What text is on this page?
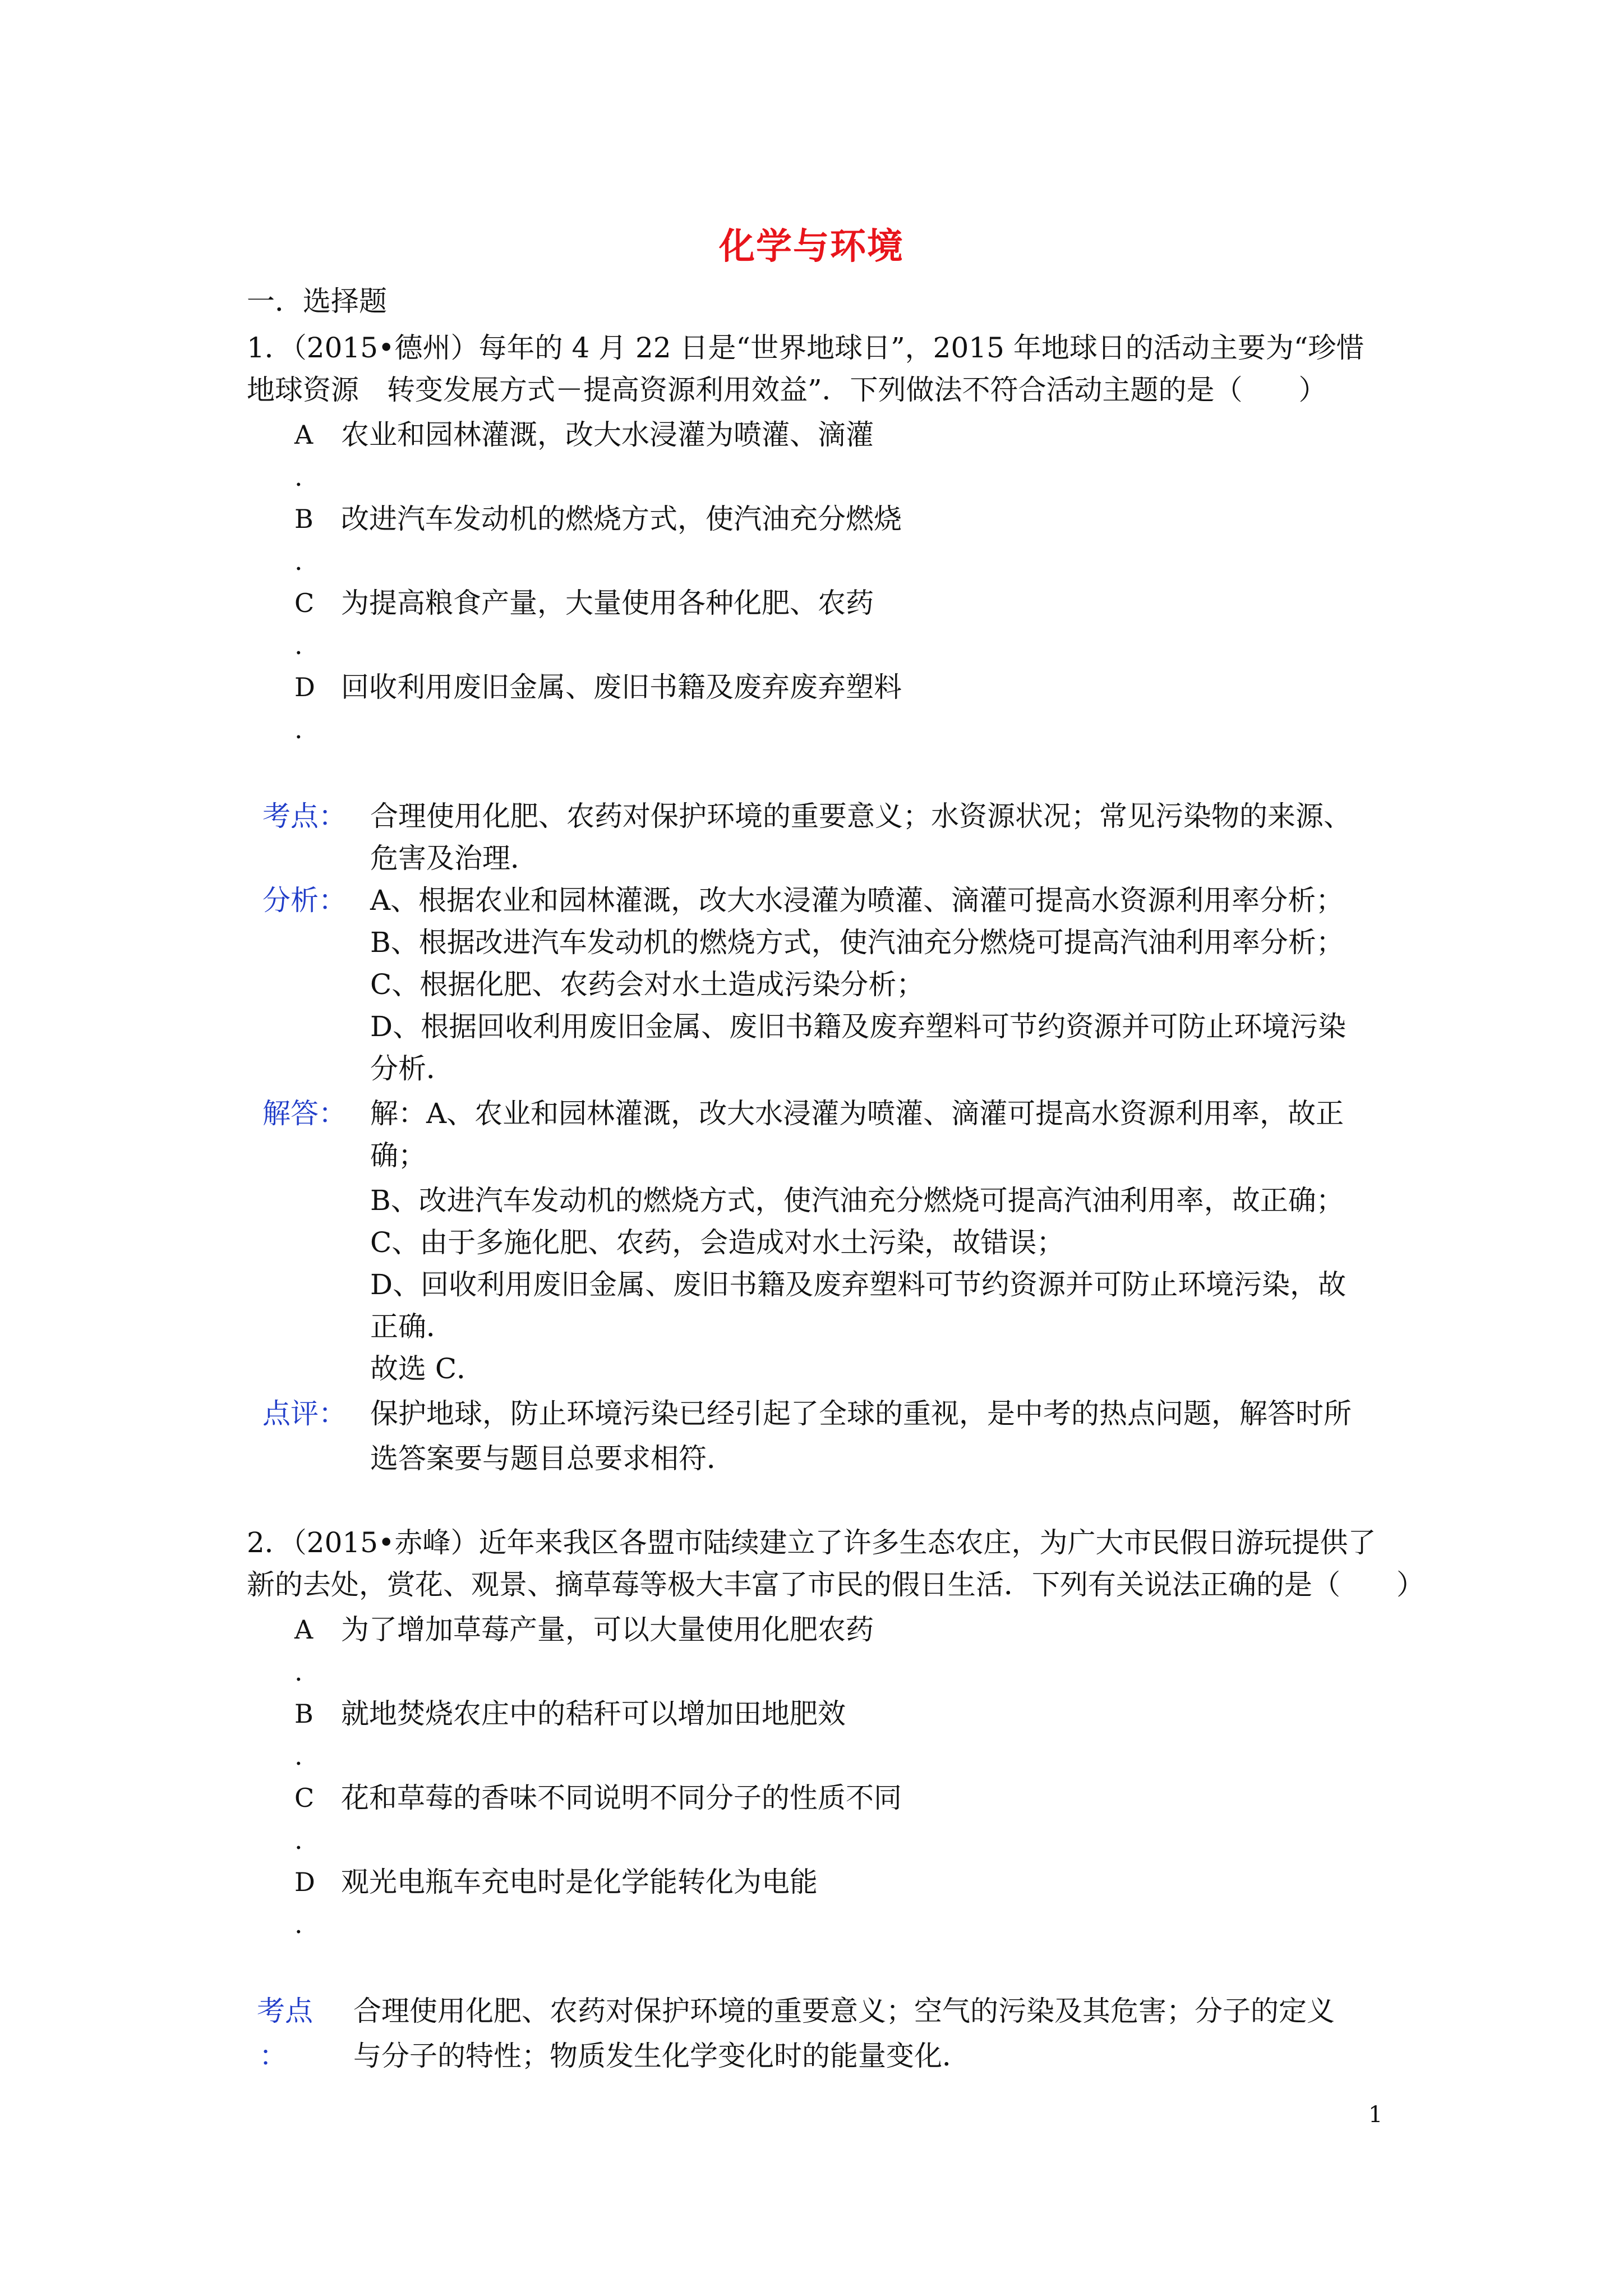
化学与环境
一．选择题
1．（2015•德州）每年的 4 月 22 日是“世界地球日”，2015 年地球日的活动主要为“珍惜
地球资源　转变发展方式－提高资源利用效益”．下列做法不符合活动主题的是（　　）
A 农业和园林灌溉，改大水浸灌为喷灌、滴灌
.
B 改进汽车发动机的燃烧方式，使汽油充分燃烧
.
C 为提高粮食产量，大量使用各种化肥、农药
.
D 回收利用废旧金属、废旧书籍及废弃废弃塑料
.
考点： 合理使用化肥、农药对保护环境的重要意义；水资源状况；常见污染物的来源、
危害及治理．
分析： A、根据农业和园林灌溉，改大水浸灌为喷灌、滴灌可提高水资源利用率分析；
B、根据改进汽车发动机的燃烧方式，使汽油充分燃烧可提高汽油利用率分析；
C、根据化肥、农药会对水土造成污染分析；
D、根据回收利用废旧金属、废旧书籍及废弃塑料可节约资源并可防止环境污染
分析．
解答： 解：A、农业和园林灌溉，改大水浸灌为喷灌、滴灌可提高水资源利用率，故正
确；
B、改进汽车发动机的燃烧方式，使汽油充分燃烧可提高汽油利用率，故正确；
C、由于多施化肥、农药，会造成对水土污染，故错误；
D、回收利用废旧金属、废旧书籍及废弃塑料可节约资源并可防止环境污染，故
正确．
故选 C．
点评： 保护地球，防止环境污染已经引起了全球的重视，是中考的热点问题，解答时所
选答案要与题目总要求相符．
2．（2015•赤峰）近年来我区各盟市陆续建立了许多生态农庄，为广大市民假日游玩提供了
新的去处，赏花、观景、摘草莓等极大丰富了市民的假日生活．下列有关说法正确的是（　　）
A 为了增加草莓产量，可以大量使用化肥农药
.
B 就地焚烧农庄中的秸秆可以增加田地肥效
.
C 花和草莓的香味不同说明不同分子的性质不同
.
D 观光电瓶车充电时是化学能转化为电能
.
考点
：
合理使用化肥、农药对保护环境的重要意义；空气的污染及其危害；分子的定义
与分子的特性；物质发生化学变化时的能量变化．
1
